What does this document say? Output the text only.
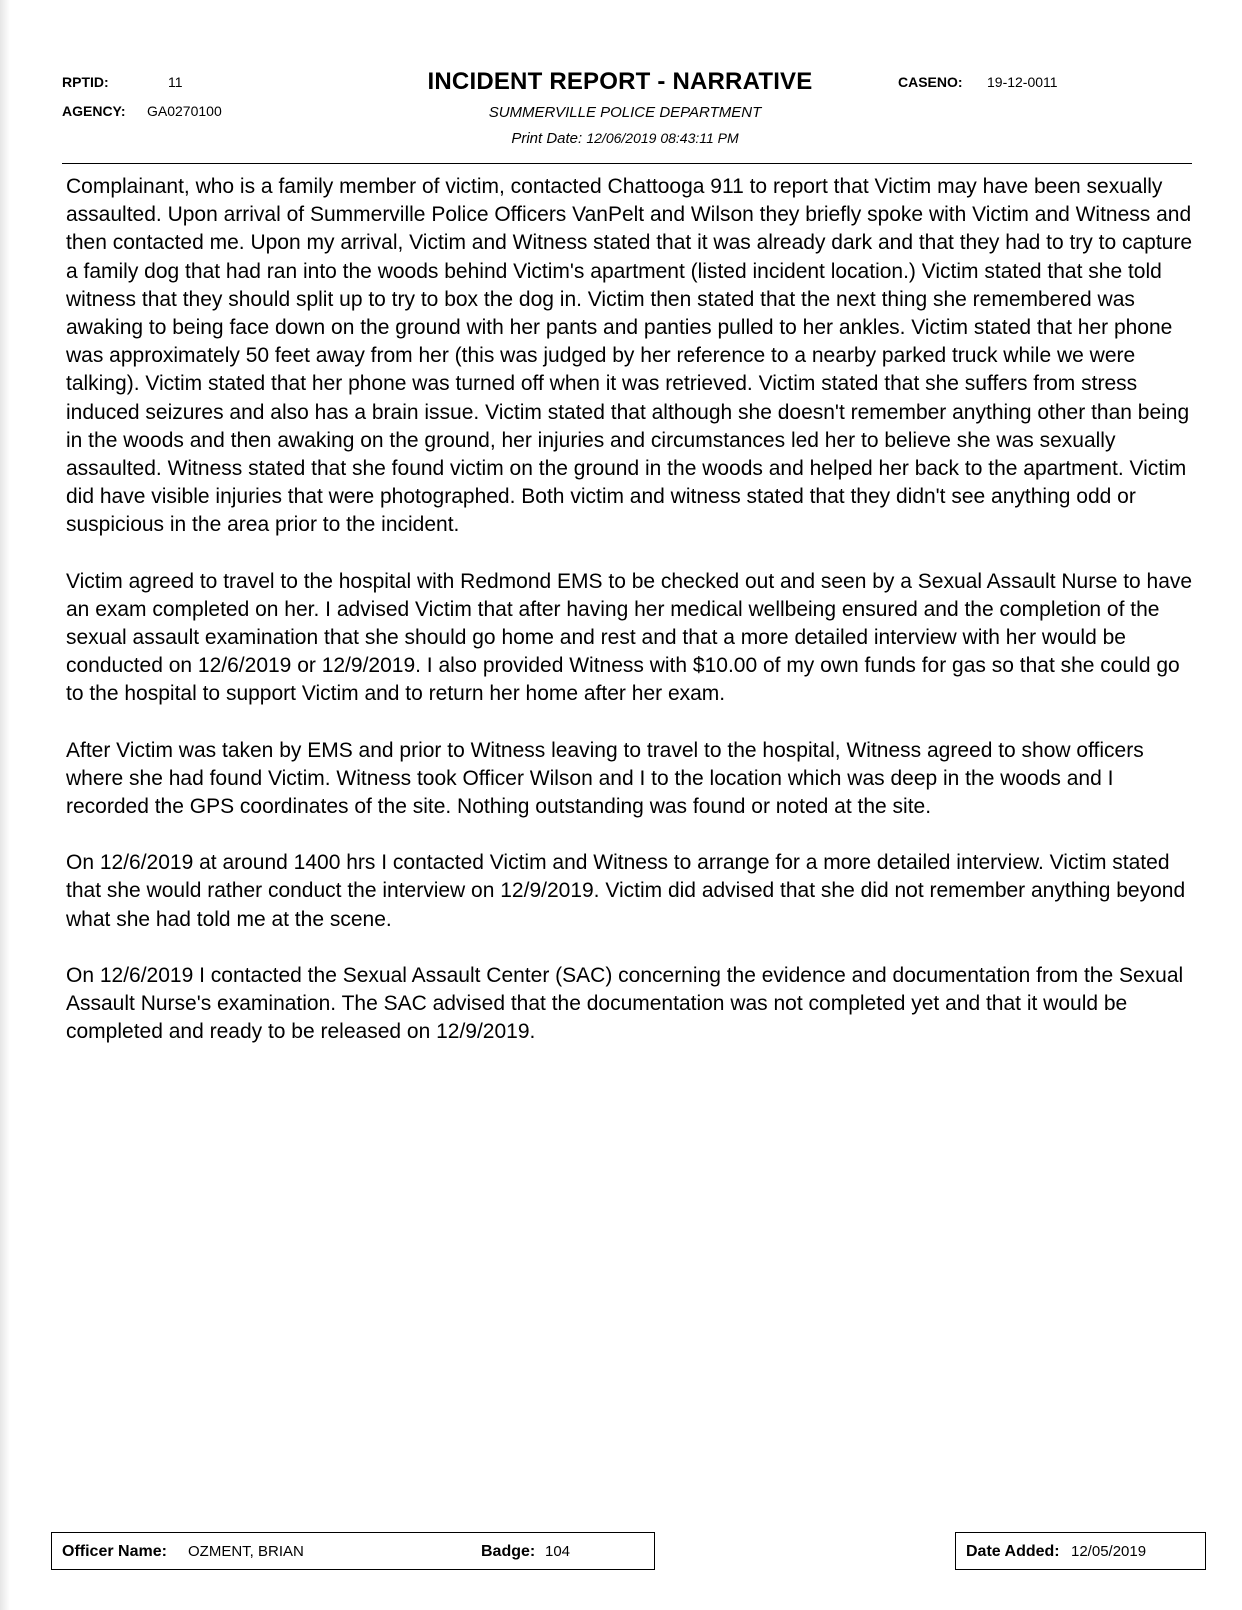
RPTID:	11
AGENCY: GA0270100
INCIDENT REPORT - NARRATIVE
SUMMERVILLE POLICE DEPARTMENT
Print Date: 12/06/2019 08:43:11 PM
CASENO: 19-12-0011

Complainant, who is a family member of victim, contacted Chattooga 911 to report that Victim may have been sexually assaulted. Upon arrival of Summerville Police Officers VanPelt and Wilson they briefly spoke with Victim and Witness and then contacted me. Upon my arrival, Victim and Witness stated that it was already dark and that they had to try to capture a family dog that had ran into the woods behind Victim's apartment (listed incident location.) Victim stated that she told witness that they should split up to try to box the dog in. Victim then stated that the next thing she remembered was awaking to being face down on the ground with her pants and panties pulled to her ankles. Victim stated that her phone was approximately 50 feet away from her (this was judged by her reference to a nearby parked truck while we were talking). Victim stated that her phone was turned off when it was retrieved. Victim stated that she suffers from stress induced seizures and also has a brain issue. Victim stated that although she doesn't remember anything other than being in the woods and then awaking on the ground, her injuries and circumstances led her to believe she was sexually assaulted. Witness stated that she found victim on the ground in the woods and helped her back to the apartment. Victim did have visible injuries that were photographed. Both victim and witness stated that they didn't see anything odd or suspicious in the area prior to the incident.

Victim agreed to travel to the hospital with Redmond EMS to be checked out and seen by a Sexual Assault Nurse to have an exam completed on her. I advised Victim that after having her medical wellbeing ensured and the completion of the sexual assault examination that she should go home and rest and that a more detailed interview with her would be conducted on 12/6/2019 or 12/9/2019. I also provided Witness with $10.00 of my own funds for gas so that she could go to the hospital to support Victim and to return her home after her exam.

After Victim was taken by EMS and prior to Witness leaving to travel to the hospital, Witness agreed to show officers where she had found Victim. Witness took Officer Wilson and I to the location which was deep in the woods and I recorded the GPS coordinates of the site. Nothing outstanding was found or noted at the site.

On 12/6/2019 at around 1400 hrs I contacted Victim and Witness to arrange for a more detailed interview. Victim stated that she would rather conduct the interview on 12/9/2019. Victim did advised that she did not remember anything beyond what she had told me at the scene.

On 12/6/2019 I contacted the Sexual Assault Center (SAC) concerning the evidence and documentation from the Sexual Assault Nurse's examination. The SAC advised that the documentation was not completed yet and that it would be completed and ready to be released on 12/9/2019.

Officer Name: OZMENT, BRIAN	Badge: 104	Date Added: 12/05/2019
